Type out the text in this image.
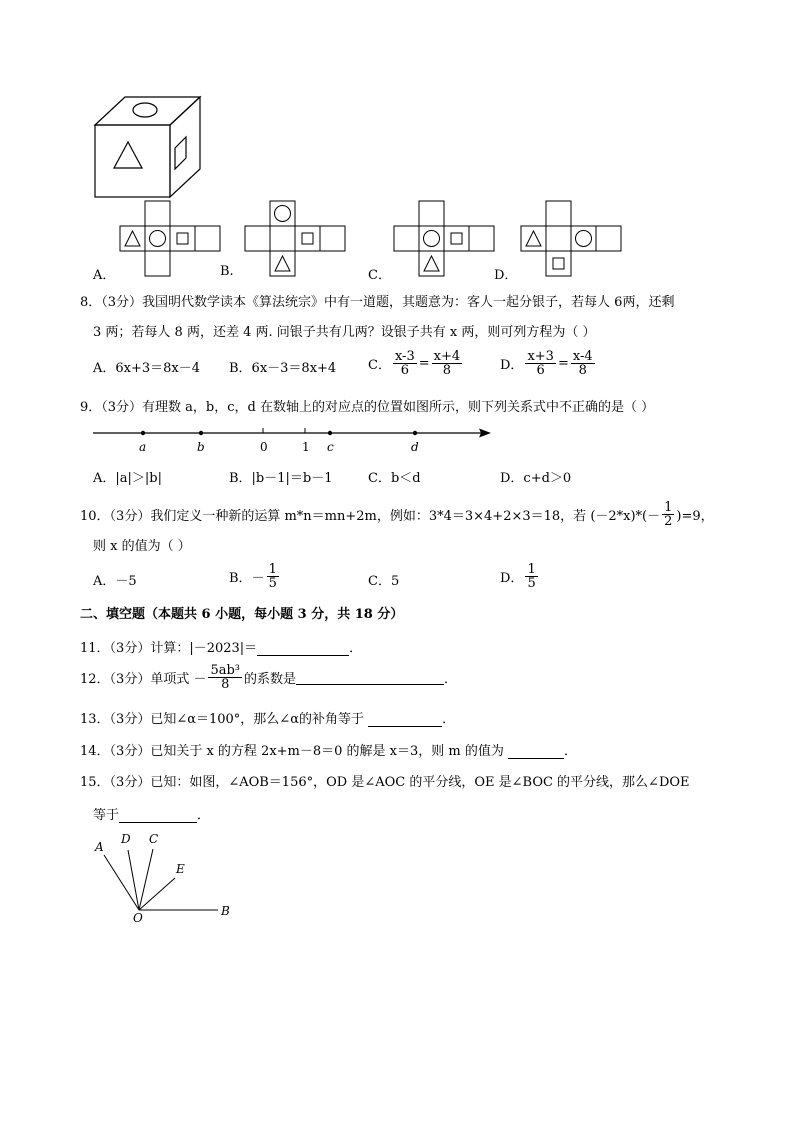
A．	B.	C．	D．
8．（3分）我国明代数学读本《算法统宗》中有一道题，其题意为：客人一起分银子，若每人 6两，还剩
3 两；若每人 8 两，还差 4 两. 问银子共有几两？设银子共有 x 两，则可列方程为（ ）
A．6x+3＝8x－4 B．6x－3＝8x+4 C． $\frac{x-3}{6} = \frac{x+4}{8}$	D． $\frac{x+3}{6} = \frac{x-4}{8}$
9．（3分）有理数 a，b，c，d 在数轴上的对应点的位置如图所示，则下列关系式中不正确的是（ ）
a	b	0	1 c	d
A．|a|＞|b|	B．|b－1|＝b－1	C．b＜d	D．c+d＞0
10．（3分）我们定义一种新的运算 m*n＝mn+2m，例如：3*4＝3×4+2×3＝18，若 $(-2*x)*(- \frac{1}{2} )=9$，
则 x 的值为（ ）
A．－5	B．－ $\frac{1}{5}$	C．5	D． $\frac{1}{5}$
二、填空题（本题共 6 小题，每小题 3 分，共 18 分）
11．（3分）计算：|－2023|＝	．
12．（3分）单项式 － $\frac{\text{5ab³}}{8}$ 的系数是	．
13．（3分）已知∠α＝100°，那么∠α的补角等于	．
14．（3分）已知关于 x 的方程 2x+m－8＝0 的解是 x＝3，则 m 的值为	．
15．（3分）已知：如图，∠AOB＝156°，OD 是∠AOC 的平分线，OE 是∠BOC 的平分线，那么∠DOE
等于	．
A
D C
E
O	B
